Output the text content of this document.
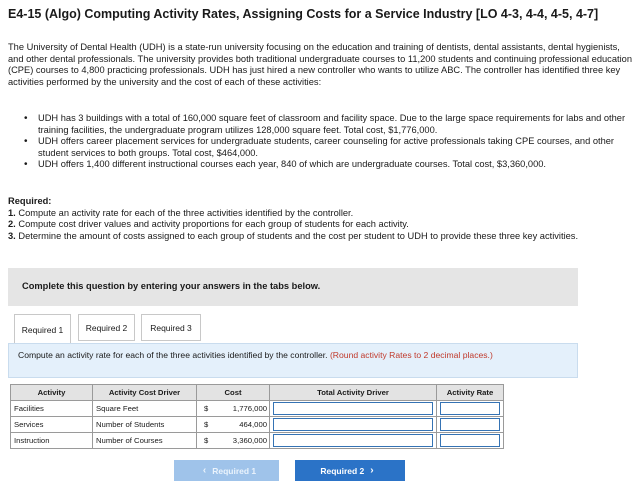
E4-15 (Algo) Computing Activity Rates, Assigning Costs for a Service Industry [LO 4-3, 4-4, 4-5, 4-7]
The University of Dental Health (UDH) is a state-run university focusing on the education and training of dentists, dental assistants, dental hygienists, and other dental professionals. The university provides both traditional undergraduate courses to 11,200 students and continuing professional education (CPE) courses to 4,800 practicing professionals. UDH has just hired a new controller who wants to utilize ABC. The controller has identified three key activities performed by the university and the cost of each of these activities:
• UDH has 3 buildings with a total of 160,000 square feet of classroom and facility space. Due to the large space requirements for labs and other training facilities, the undergraduate program utilizes 128,000 square feet. Total cost, $1,776,000.
• UDH offers career placement services for undergraduate students, career counseling for active professionals taking CPE courses, and other student services to both groups. Total cost, $464,000.
• UDH offers 1,400 different instructional courses each year, 840 of which are undergraduate courses. Total cost, $3,360,000.
Required:
1. Compute an activity rate for each of the three activities identified by the controller.
2. Compute cost driver values and activity proportions for each group of students for each activity.
3. Determine the amount of costs assigned to each group of students and the cost per student to UDH to provide these three key activities.
Complete this question by entering your answers in the tabs below.
Required 1	Required 2	Required 3
Compute an activity rate for each of the three activities identified by the controller. (Round activity Rates to 2 decimal places.)
Activity	Activity Cost Driver	Cost		Total Activity Driver	Activity Rate
Facilities	Square Feet	$	1,776,000	

Services	Number of Students	$	464,000	

Instruction	Number of Courses	$	3,360,000	

‹ Required 1	Required 2 ›
